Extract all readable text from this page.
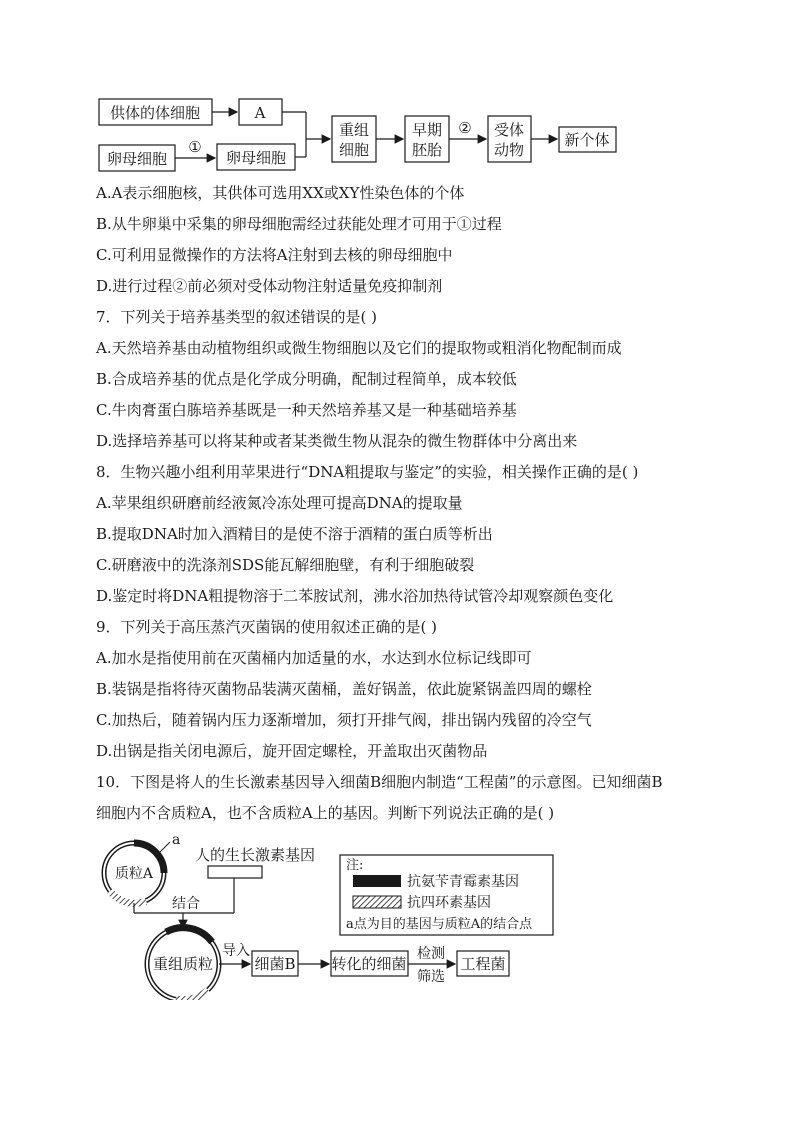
供体的体细胞	A
卵母细胞
①
卵母细胞
重组
细胞
早期
胚胎
② 受体
动物
新个体
A.A表示细胞核，其供体可选用XX或XY性染色体的个体
B.从牛卵巢中采集的卵母细胞需经过获能处理才可用于①过程
C.可利用显微操作的方法将A注射到去核的卵母细胞中
D.进行过程②前必须对受体动物注射适量免疫抑制剂
7．下列关于培养基类型的叙述错误的是( )
A.天然培养基由动植物组织或微生物细胞以及它们的提取物或粗消化物配制而成
B.合成培养基的优点是化学成分明确，配制过程简单，成本较低
C.牛肉膏蛋白胨培养基既是一种天然培养基又是一种基础培养基
D.选择培养基可以将某种或者某类微生物从混杂的微生物群体中分离出来
8．生物兴趣小组利用苹果进行“DNA粗提取与鉴定”的实验，相关操作正确的是( )
A.苹果组织研磨前经液氮冷冻处理可提高DNA的提取量
B.提取DNA时加入酒精目的是使不溶于酒精的蛋白质等析出
C.研磨液中的洗涤剂SDS能瓦解细胞壁，有利于细胞破裂
D.鉴定时将DNA粗提物溶于二苯胺试剂，沸水浴加热待试管冷却观察颜色变化
9．下列关于高压蒸汽灭菌锅的使用叙述正确的是( )
A.加水是指使用前在灭菌桶内加适量的水，水达到水位标记线即可
B.装锅是指将待灭菌物品装满灭菌桶，盖好锅盖，依此旋紧锅盖四周的螺栓
C.加热后，随着锅内压力逐渐增加，须打开排气阀，排出锅内残留的冷空气
D.出锅是指关闭电源后，旋开固定螺栓，开盖取出灭菌物品
10．下图是将人的生长激素基因导入细菌B细胞内制造“工程菌”的示意图。已知细菌B
细胞内不含质粒A，也不含质粒A上的基因。判断下列说法正确的是( )
质粒A
a
人的生长激素基因
结合
重组质粒
导入
细菌B 转化的细菌
检测
筛选
工程菌
注:
抗氨苄青霉素基因
抗四环素基因
a点为目的基因与质粒A的结合点
